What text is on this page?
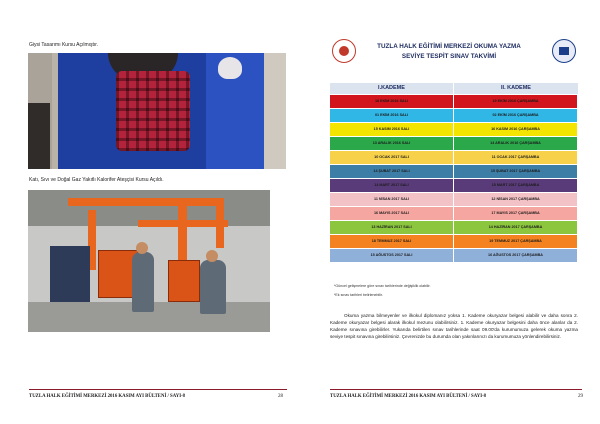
Giysi Tasarımı Kursu Açılmıştır.
Katı, Sıvı ve Doğal Gaz Yakıtlı Kalorifer Ateşçisi Kursu Açıldı.
TUZLA HALK EĞİTİMİ MERKEZİ 2016 KASIM AYI BÜLTENİ / SAYI-8	28
TUZLA HALK EĞİTİMİ MERKEZİ OKUMA YAZMA
SEVİYE TESPİT SINAV TAKVİMİ
I.KADEME	II. KADEME
18 EKİM 2016 SALI	19 EKİM 2016 ÇARŞAMBA
01 EKİM 2016 SALI	02 EKİM 2016 ÇARŞAMBA
15 KASIM 2016 SALI	16 KASIM 2016 ÇARŞAMBA
13 ARALIK 2016 SALI	14 ARALIK 2016 ÇARŞAMBA
10 OCAK 2017 SALI	11 OCAK 2017 ÇARŞAMBA
14 ŞUBAT 2017 SALI	15 ŞUBAT 2017 ÇARŞAMBA
14 MART 2017 SALI	15 MART 2017 ÇARŞAMBA
11 NİSAN 2017 SALI	12 NİSAN 2017 ÇARŞAMBA
16 MAYIS 2017 SALI	17 MAYIS 2017 ÇARŞAMBA
13 HAZİRAN 2017 SALI	14 HAZİRAN 2017 ÇARŞAMBA
18 TEMMUZ 2017 SALI	19 TEMMUZ 2017 ÇARŞAMBA
15 AĞUSTOS 2017 SALI	16 AĞUSTOS 2017 ÇARŞAMBA
*Güncel gelişmelere göre sınav tarihlerinde değişiklik olabilir.
*Ek sınav tarihleri belirlenebilir.
Okuma yazma bilmeyenler ve ilkokul diplomanız yoksa 1. Kademe okuryazar belgesi alabilir ve daha sonra 2. Kademe okuryazar belgesi alarak ilkokul mezunu olabilirsiniz. 1. Kademe okuryazar belgesini daha önce alanlar da 2. Kademe sınavına girebilirler. Yukarıda belirtilen sınav tarihlerinde saat 09.00'da kurumumuza gelerek okuma yazma seviye tespit sınavına girebilirsiniz. Çevrenizde bu durumda olan yakınlarınızı da kurumumuza yönlendirebilirsiniz.
TUZLA HALK EĞİTİMİ MERKEZİ 2016 KASIM AYI BÜLTENİ / SAYI-8	29
